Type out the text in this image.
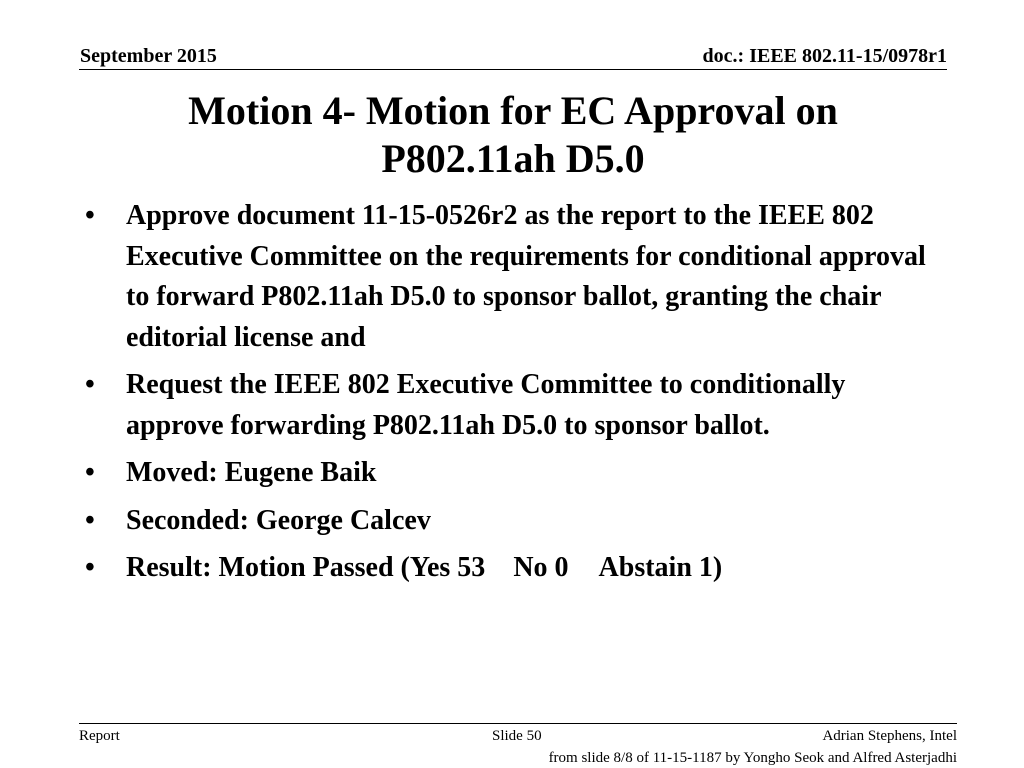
September 2015	doc.: IEEE 802.11-15/0978r1
Motion 4- Motion for EC Approval on
P802.11ah D5.0
•	Approve document 11-15-0526r2 as the report to the IEEE 802 Executive Committee on the requirements for conditional approval to forward P802.11ah D5.0 to sponsor ballot, granting the chair editorial license and
•	Request the IEEE 802 Executive Committee to conditionally approve forwarding P802.11ah D5.0 to sponsor ballot.
•	Moved: Eugene Baik
•	Seconded: George Calcev
•	Result: Motion Passed (Yes 53 No 0 Abstain 1)
Report	Slide 50	Adrian Stephens, Intel
from slide 8/8 of 11-15-1187 by Yongho Seok and Alfred Asterjadhi
